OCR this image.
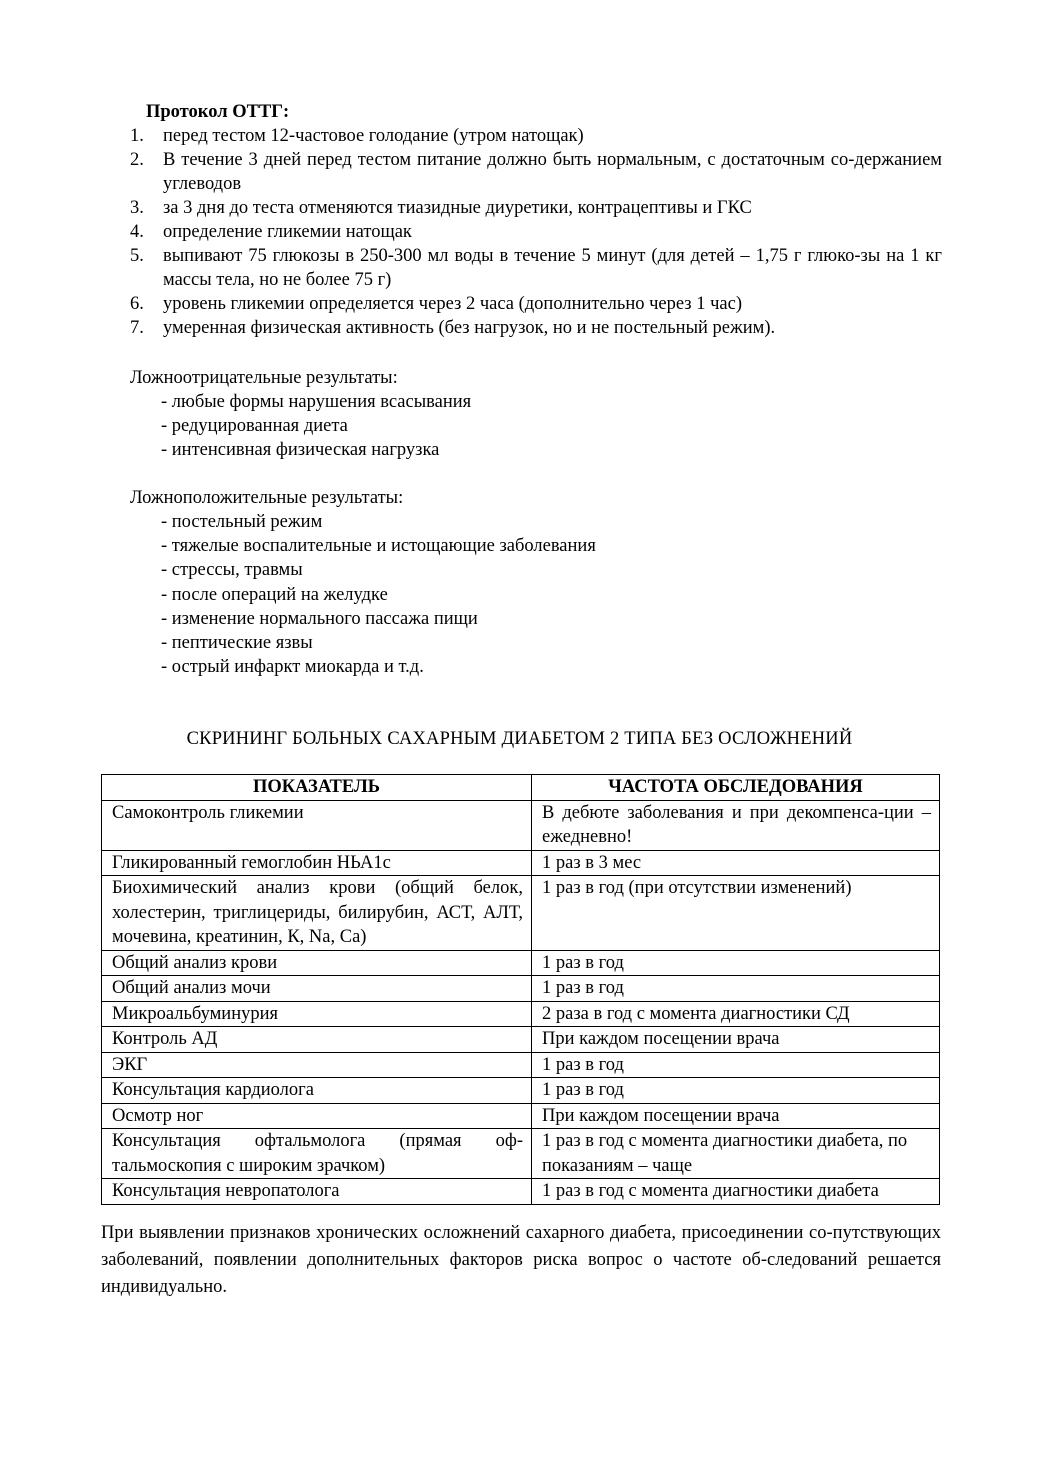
Протокол ОТТГ:
1. перед тестом 12-частовое голодание (утром натощак)
2. В течение 3 дней перед тестом питание должно быть нормальным, с достаточным со-держанием углеводов
3. за 3 дня до теста отменяются тиазидные диуретики, контрацептивы и ГКС
4. определение гликемии натощак
5. выпивают 75 глюкозы в 250-300 мл воды в течение 5 минут (для детей – 1,75 г глюко-зы на 1 кг массы тела, но не более 75 г)
6. уровень гликемии определяется через 2 часа (дополнительно через 1 час)
7. умеренная физическая активность (без нагрузок, но и не постельный режим).
Ложноотрицательные результаты:
- любые формы нарушения всасывания
- редуцированная диета
- интенсивная физическая нагрузка
Ложноположительные результаты:
- постельный режим
- тяжелые воспалительные и истощающие заболевания
- стрессы, травмы
- после операций на желудке
- изменение нормального пассажа пищи
- пептические язвы
- острый инфаркт миокарда и т.д.
СКРИНИНГ БОЛЬНЫХ САХАРНЫМ ДИАБЕТОМ 2 ТИПА БЕЗ ОСЛОЖНЕНИЙ
ПОКАЗАТЕЛЬ	ЧАСТОТА ОБСЛЕДОВАНИЯ
Самоконтроль гликемии	В дебюте заболевания и при декомпенса-ции – ежедневно!
Гликированный гемоглобин НЬА1с	1 раз в 3 мес
Биохимический анализ крови (общий белок, холестерин, триглицериды, билирубин, АСТ, АЛТ, мочевина, креатинин, К, Na, Са)	1 раз в год (при отсутствии изменений)
Общий анализ крови	1 раз в год
Общий анализ мочи	1 раз в год
Микроальбуминурия	2 раза в год с момента диагностики СД
Контроль АД	При каждом посещении врача
ЭКГ	1 раз в год
Консультация кардиолога	1 раз в год
Осмотр ног	При каждом посещении врача
Консультация офтальмолога (прямая оф-тальмоскопия с широким зрачком)	1 раз в год с момента диагностики диабета, по показаниям – чаще
Консультация невропатолога	1 раз в год с момента диагностики диабета

При выявлении признаков хронических осложнений сахарного диабета, присоединении со-путствующих заболеваний, появлении дополнительных факторов риска вопрос о частоте об-следований решается индивидуально.
